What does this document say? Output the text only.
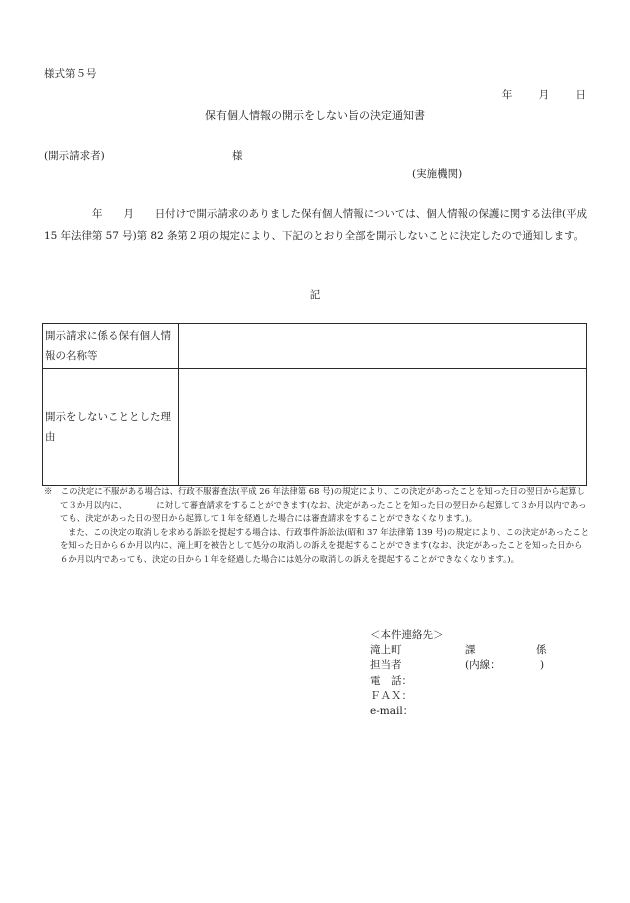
様式第５号
年	月	日
保有個人情報の開示をしない旨の決定通知書
(開示請求者)	様
(実施機関)
年　　月　　日付けで開示請求のありました保有個人情報については、個人情報の保護に関する法律(平成 15 年法律第 57 号)第 82 条第２項の規定により、下記のとおり全部を開示しないことに決定したので通知します。
記
開示請求に係る保有個人情報の名称等	
開示をしないこととした理由	

※　この決定に不服がある場合は、行政不服審査法(平成 26 年法律第 68 号)の規定により、この決定があったことを知った日の翌日から起算して３か月以内に、　　　　に対して審査請求をすることができます(なお、決定があったことを知った日の翌日から起算して３か月以内であっても、決定があった日の翌日から起算して１年を経過した場合には審査請求をすることができなくなります。)。

また、この決定の取消しを求める訴訟を提起する場合は、行政事件訴訟法(昭和 37 年法律第 139 号)の規定により、この決定があったことを知った日から６か月以内に、滝上町を被告として処分の取消しの訴えを提起することができます(なお、決定があったことを知った日から６か月以内であっても、決定の日から１年を経過した場合には処分の取消しの訴えを提起することができなくなります。)。

＜本件連絡先＞
滝上町	課	係
担当者	(内線：	)
電　話：
ＦＡＸ：
e-mail：
